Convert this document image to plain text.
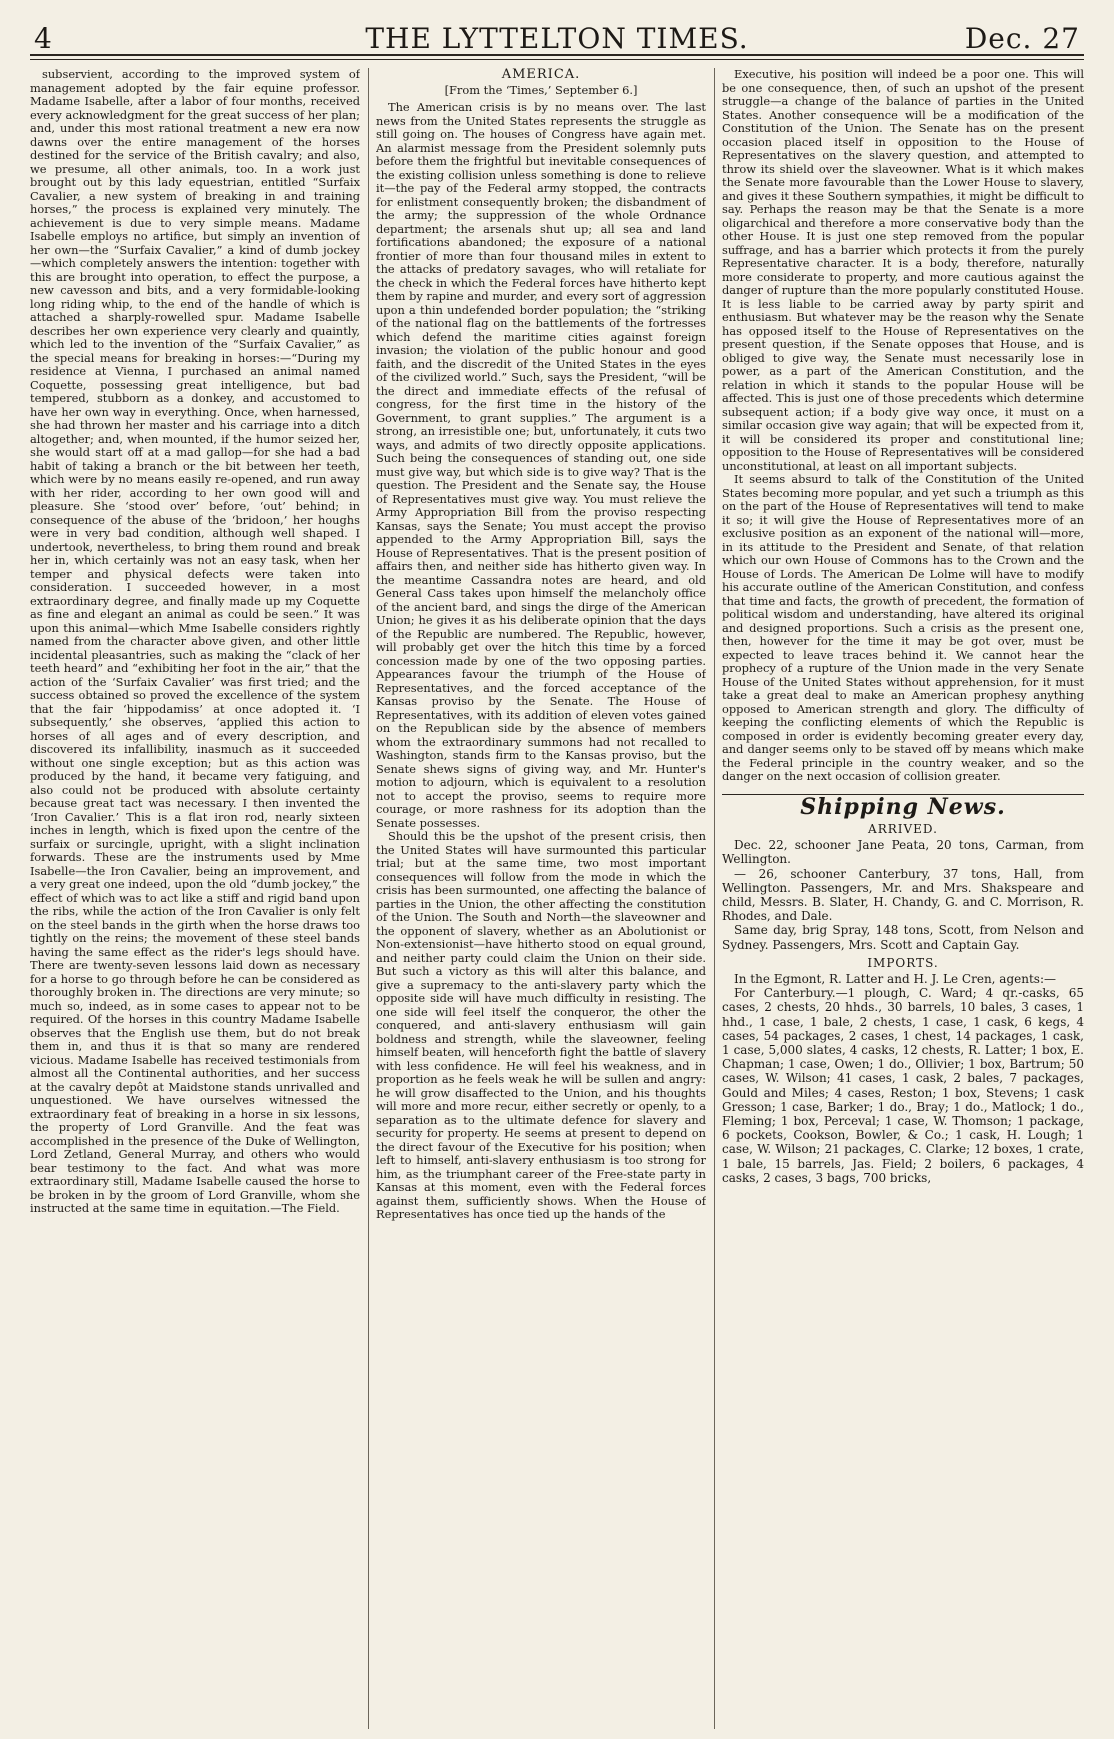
4	THE LYTTELTON TIMES.	Dec. 27

subservient, according to the improved system of management adopted by the fair equine professor. Madame Isabelle, after a labor of four months, received every acknowledgment for the great success of her plan; and, under this most rational treatment a new era now dawns over the entire management of the horses destined for the service of the British cavalry; and also, we presume, all other animals, too. In a work just brought out by this lady equestrian, entitled “Surfaix Cavalier, a new system of breaking in and training horses,” the process is explained very minutely. The achievement is due to very simple means. Madame Isabelle employs no artifice, but simply an invention of her own—the “Surfaix Cavalier,” a kind of dumb jockey—which completely answers the intention: together with this are brought into operation, to effect the purpose, a new cavesson and bits, and a very formidable-looking long riding whip, to the end of the handle of which is attached a sharply-rowelled spur. Madame Isabelle describes her own experience very clearly and quaintly, which led to the invention of the “Surfaix Cavalier,” as the special means for breaking in horses:—“During my residence at Vienna, I purchased an animal named Coquette, possessing great intelligence, but bad tempered, stubborn as a donkey, and accustomed to have her own way in everything. Once, when harnessed, she had thrown her master and his carriage into a ditch altogether; and, when mounted, if the humor seized her, she would start off at a mad gallop—for she had a bad habit of taking a branch or the bit between her teeth, which were by no means easily re-opened, and run away with her rider, according to her own good will and pleasure. She ‘stood over’ before, ‘out’ behind; in consequence of the abuse of the ‘bridoon,’ her houghs were in very bad condition, although well shaped. I undertook, nevertheless, to bring them round and break her in, which certainly was not an easy task, when her temper and physical defects were taken into consideration. I succeeded however, in a most extraordinary degree, and finally made up my Coquette as fine and elegant an animal as could be seen.” It was upon this animal—which Mme Isabelle considers rightly named from the character above given, and other little incidental pleasantries, such as making the “clack of her teeth heard” and “exhibiting her foot in the air,” that the action of the ‘Surfaix Cavalier’ was first tried; and the success obtained so proved the excellence of the system that the fair ‘hippodamiss’ at once adopted it. ‘I subsequently,’ she observes, ‘applied this action to horses of all ages and of every description, and discovered its infallibility, inasmuch as it succeeded without one single exception; but as this action was produced by the hand, it became very fatiguing, and also could not be produced with absolute certainty because great tact was necessary. I then invented the ‘Iron Cavalier.’ This is a flat iron rod, nearly sixteen inches in length, which is fixed upon the centre of the surfaix or surcingle, upright, with a slight inclination forwards. These are the instruments used by Mme Isabelle—the Iron Cavalier, being an improvement, and a very great one indeed, upon the old “dumb jockey,” the effect of which was to act like a stiff and rigid band upon the ribs, while the action of the Iron Cavalier is only felt on the steel bands in the girth when the horse draws too tightly on the reins; the movement of these steel bands having the same effect as the rider's legs should have. There are twenty-seven lessons laid down as necessary for a horse to go through before he can be considered as thoroughly broken in. The directions are very minute; so much so, indeed, as in some cases to appear not to be required. Of the horses in this country Madame Isabelle observes that the English use them, but do not break them in, and thus it is that so many are rendered vicious. Madame Isabelle has received testimonials from almost all the Continental authorities, and her success at the cavalry depôt at Maidstone stands unrivalled and unquestioned. We have ourselves witnessed the extraordinary feat of breaking in a horse in six lessons, the property of Lord Granville. And the feat was accomplished in the presence of the Duke of Wellington, Lord Zetland, General Murray, and others who would bear testimony to the fact. And what was more extraordinary still, Madame Isabelle caused the horse to be broken in by the groom of Lord Granville, whom she instructed at the same time in equitation.—The Field.

AMERICA.

[From the ‘Times,’ September 6.]

The American crisis is by no means over. The last news from the United States represents the struggle as still going on. The houses of Congress have again met. An alarmist message from the President solemnly puts before them the frightful but inevitable consequences of the existing collision unless something is done to relieve it—the pay of the Federal army stopped, the contracts for enlistment consequently broken; the disbandment of the army; the suppression of the whole Ordnance department; the arsenals shut up; all sea and land fortifications abandoned; the exposure of a national frontier of more than four thousand miles in extent to the attacks of predatory savages, who will retaliate for the check in which the Federal forces have hitherto kept them by rapine and murder, and every sort of aggression upon a thin undefended border population; the “striking of the national flag on the battlements of the fortresses which defend the maritime cities against foreign invasion; the violation of the public honour and good faith, and the discredit of the United States in the eyes of the civilized world.” Such, says the President, “will be the direct and immediate effects of the refusal of congress, for the first time in the history of the Government, to grant supplies.” The argument is a strong, an irresistible one; but, unfortunately, it cuts two ways, and admits of two directly opposite applications. Such being the consequences of standing out, one side must give way, but which side is to give way? That is the question. The President and the Senate say, the House of Representatives must give way. You must relieve the Army Appropriation Bill from the proviso respecting Kansas, says the Senate; You must accept the proviso appended to the Army Appropriation Bill, says the House of Representatives. That is the present position of affairs then, and neither side has hitherto given way. In the meantime Cassandra notes are heard, and old General Cass takes upon himself the melancholy office of the ancient bard, and sings the dirge of the American Union; he gives it as his deliberate opinion that the days of the Republic are numbered. The Republic, however, will probably get over the hitch this time by a forced concession made by one of the two opposing parties. Appearances favour the triumph of the House of Representatives, and the forced acceptance of the Kansas proviso by the Senate. The House of Representatives, with its addition of eleven votes gained on the Republican side by the absence of members whom the extraordinary summons had not recalled to Washington, stands firm to the Kansas proviso, but the Senate shews signs of giving way, and Mr. Hunter's motion to adjourn, which is equivalent to a resolution not to accept the proviso, seems to require more courage, or more rashness for its adoption than the Senate possesses.

Should this be the upshot of the present crisis, then the United States will have surmounted this particular trial; but at the same time, two most important consequences will follow from the mode in which the crisis has been surmounted, one affecting the balance of parties in the Union, the other affecting the constitution of the Union. The South and North—the slaveowner and the opponent of slavery, whether as an Abolutionist or Non-extensionist—have hitherto stood on equal ground, and neither party could claim the Union on their side. But such a victory as this will alter this balance, and give a supremacy to the anti-slavery party which the opposite side will have much difficulty in resisting. The one side will feel itself the conqueror, the other the conquered, and anti-slavery enthusiasm will gain boldness and strength, while the slaveowner, feeling himself beaten, will henceforth fight the battle of slavery with less confidence. He will feel his weakness, and in proportion as he feels weak he will be sullen and angry: he will grow disaffected to the Union, and his thoughts will more and more recur, either secretly or openly, to a separation as to the ultimate defence for slavery and security for property. He seems at present to depend on the direct favour of the Executive for his position; when left to himself, anti-slavery enthusiasm is too strong for him, as the triumphant career of the Free-state party in Kansas at this moment, even with the Federal forces against them, sufficiently shows. When the House of Representatives has once tied up the hands of the

Executive, his position will indeed be a poor one. This will be one consequence, then, of such an upshot of the present struggle—a change of the balance of parties in the United States. Another consequence will be a modification of the Constitution of the Union. The Senate has on the present occasion placed itself in opposition to the House of Representatives on the slavery question, and attempted to throw its shield over the slaveowner. What is it which makes the Senate more favourable than the Lower House to slavery, and gives it these Southern sympathies, it might be difficult to say. Perhaps the reason may be that the Senate is a more oligarchical and therefore a more conservative body than the other House. It is just one step removed from the popular suffrage, and has a barrier which protects it from the purely Representative character. It is a body, therefore, naturally more considerate to property, and more cautious against the danger of rupture than the more popularly constituted House. It is less liable to be carried away by party spirit and enthusiasm. But whatever may be the reason why the Senate has opposed itself to the House of Representatives on the present question, if the Senate opposes that House, and is obliged to give way, the Senate must necessarily lose in power, as a part of the American Constitution, and the relation in which it stands to the popular House will be affected. This is just one of those precedents which determine subsequent action; if a body give way once, it must on a similar occasion give way again; that will be expected from it, it will be considered its proper and constitutional line; opposition to the House of Representatives will be considered unconstitutional, at least on all important subjects.

It seems absurd to talk of the Constitution of the United States becoming more popular, and yet such a triumph as this on the part of the House of Representatives will tend to make it so; it will give the House of Representatives more of an exclusive position as an exponent of the national will—more, in its attitude to the President and Senate, of that relation which our own House of Commons has to the Crown and the House of Lords. The American De Lolme will have to modify his accurate outline of the American Constitution, and confess that time and facts, the growth of precedent, the formation of political wisdom and understanding, have altered its original and designed proportions. Such a crisis as the present one, then, however for the time it may be got over, must be expected to leave traces behind it. We cannot hear the prophecy of a rupture of the Union made in the very Senate House of the United States without apprehension, for it must take a great deal to make an American prophesy anything opposed to American strength and glory. The difficulty of keeping the conflicting elements of which the Republic is composed in order is evidently becoming greater every day, and danger seems only to be staved off by means which make the Federal principle in the country weaker, and so the danger on the next occasion of collision greater.

Shipping News.

ARRIVED.

Dec. 22, schooner Jane Peata, 20 tons, Carman, from Wellington.

— 26, schooner Canterbury, 37 tons, Hall, from Wellington. Passengers, Mr. and Mrs. Shakspeare and child, Messrs. B. Slater, H. Chandy, G. and C. Morrison, R. Rhodes, and Dale.

Same day, brig Spray, 148 tons, Scott, from Nelson and Sydney. Passengers, Mrs. Scott and Captain Gay.

IMPORTS.

In the Egmont, R. Latter and H. J. Le Cren, agents:—

For Canterbury.—1 plough, C. Ward; 4 qr.-casks, 65 cases, 2 chests, 20 hhds., 30 barrels, 10 bales, 3 cases, 1 hhd., 1 case, 1 bale, 2 chests, 1 case, 1 cask, 6 kegs, 4 cases, 54 packages, 2 cases, 1 chest, 14 packages, 1 cask, 1 case, 5,000 slates, 4 casks, 12 chests, R. Latter; 1 box, E. Chapman; 1 case, Owen; 1 do., Ollivier; 1 box, Bartrum; 50 cases, W. Wilson; 41 cases, 1 cask, 2 bales, 7 packages, Gould and Miles; 4 cases, Reston; 1 box, Stevens; 1 cask Gresson; 1 case, Barker; 1 do., Bray; 1 do., Matlock; 1 do., Fleming; 1 box, Perceval; 1 case, W. Thomson; 1 package, 6 pockets, Cookson, Bowler, & Co.; 1 cask, H. Lough; 1 case, W. Wilson; 21 packages, C. Clarke; 12 boxes, 1 crate, 1 bale, 15 barrels, Jas. Field; 2 boilers, 6 packages, 4 casks, 2 cases, 3 bags, 700 bricks,
